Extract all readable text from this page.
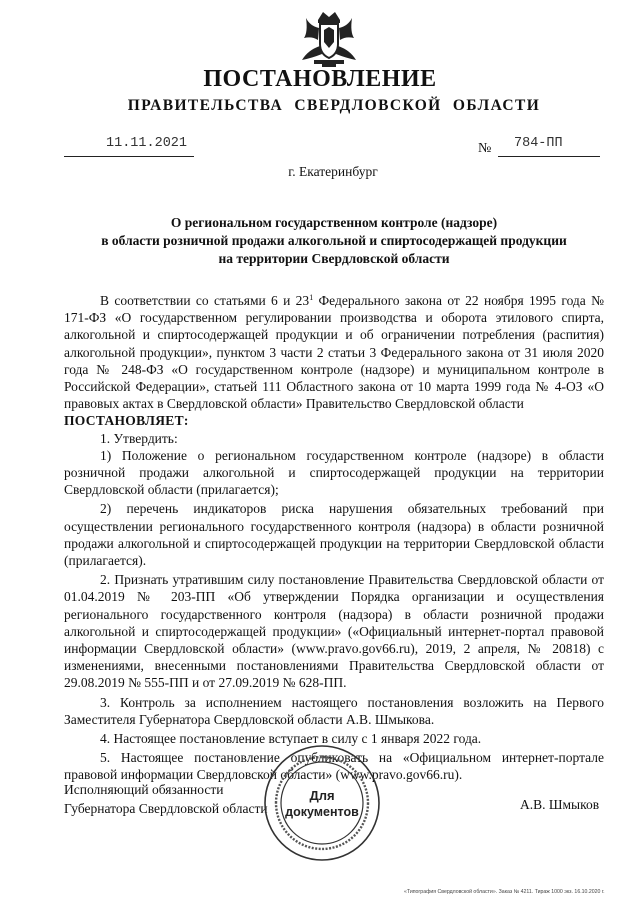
ПОСТАНОВЛЕНИЕ
ПРАВИТЕЛЬСТВА СВЕРДЛОВСКОЙ ОБЛАСТИ
11.11.2021	№ 784-ПП
г. Екатеринбург
О региональном государственном контроле (надзоре)
в области розничной продажи алкогольной и спиртосодержащей продукции
на территории Свердловской области

В соответствии со статьями 6 и $23^1$ Федерального закона от 22 ноября 1995 года № 171-ФЗ «О государственном регулировании производства и оборота этилового спирта, алкогольной и спиртосодержащей продукции и об ограничении потребления (распития) алкогольной продукции», пунктом 3 части 2 статьи 3 Федерального закона от 31 июля 2020 года № 248-ФЗ «О государственном контроле (надзоре) и муниципальном контроле в Российской Федерации», статьей 111 Областного закона от 10 марта 1999 года № 4-ОЗ «О правовых актах в Свердловской области» Правительство Свердловской области

ПОСТАНОВЛЯЕТ:

1. Утвердить:

1) Положение о региональном государственном контроле (надзоре) в области розничной продажи алкогольной и спиртосодержащей продукции на территории Свердловской области (прилагается);

2) перечень индикаторов риска нарушения обязательных требований при осуществлении регионального государственного контроля (надзора) в области розничной продажи алкогольной и спиртосодержащей продукции на территории Свердловской области (прилагается).

2. Признать утратившим силу постановление Правительства Свердловской области от 01.04.2019 № 203-ПП «Об утверждении Порядка организации и осуществления регионального государственного контроля (надзора) в области розничной продажи алкогольной и спиртосодержащей продукции» («Официальный интернет-портал правовой информации Свердловской области» (www.pravo.gov66.ru), 2019, 2 апреля, № 20818) с изменениями, внесенными постановлениями Правительства Свердловской области от 29.08.2019 № 555-ПП и от 27.09.2019 № 628-ПП.

3. Контроль за исполнением настоящего постановления возложить на Первого Заместителя Губернатора Свердловской области А.В. Шмыкова.

4. Настоящее постановление вступает в силу с 1 января 2022 года.

5. Настоящее постановление опубликовать на «Официальном интернет-портале правовой информации Свердловской области» (www.pravo.gov66.ru).

Исполняющий обязанности
Губернатора Свердловской области	А.В. Шмыков
Для
документов
«Типография Свердловской области». Заказ № 4211. Тираж 1000 экз. 16.10.2020 г.
